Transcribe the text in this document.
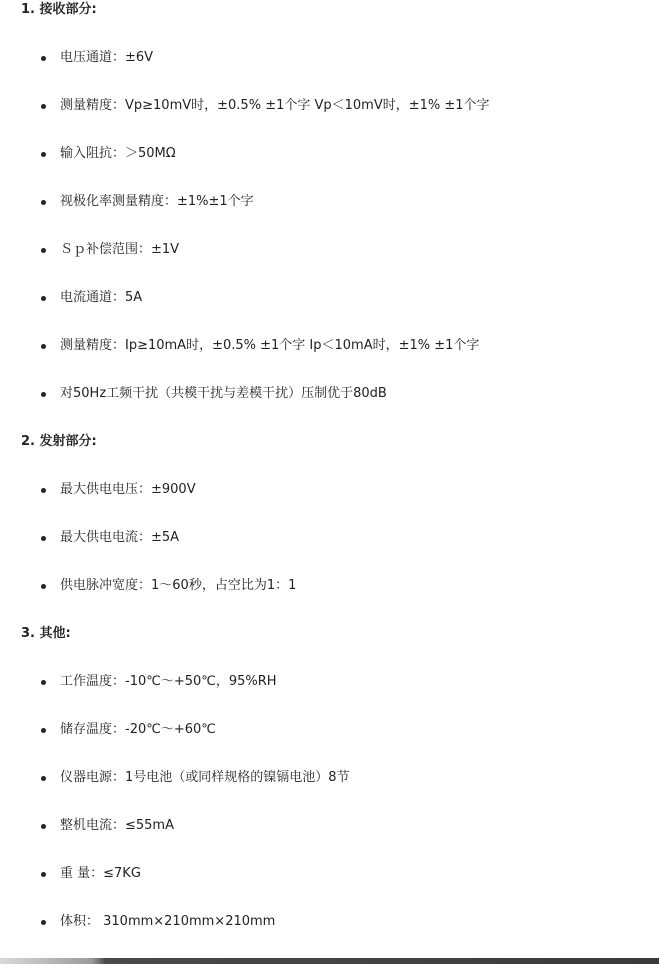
1. 接收部分:
电压通道：±6V
测量精度：Vp≥10mV时，±0.5% ±1个字 Vp＜10mV时，±1% ±1个字
输入阻抗：＞50MΩ
视极化率测量精度：±1%±1个字
Ｓｐ补偿范围：±1V
电流通道：5A
测量精度：Ip≥10mA时，±0.5% ±1个字 Ip＜10mA时，±1% ±1个字
对50Hz工频干扰（共模干扰与差模干扰）压制优于80dB
2. 发射部分:
最大供电电压：±900V
最大供电电流：±5A
供电脉冲宽度：1～60秒，占空比为1：1
3. 其他:
工作温度：-10℃～+50℃，95%RH
储存温度：-20℃～+60℃
仪器电源：1号电池（或同样规格的镍镉电池）8节
整机电流：≤55mA
重 量：≤7KG
体积： 310mm×210mm×210mm
